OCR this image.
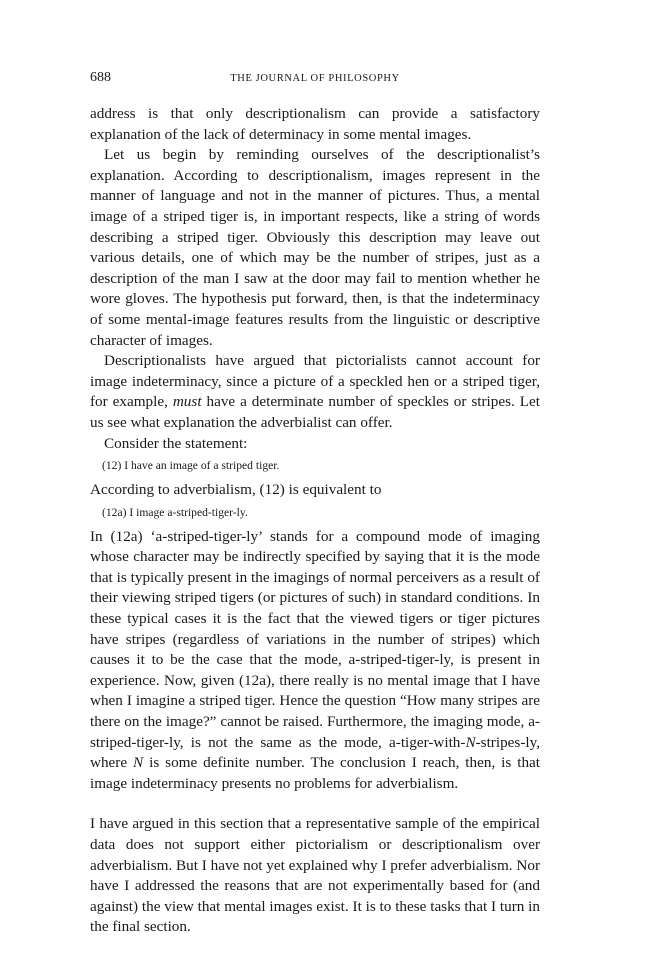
688	THE JOURNAL OF PHILOSOPHY

address is that only descriptionalism can provide a satisfactory explanation of the lack of determinacy in some mental images.

Let us begin by reminding ourselves of the descriptionalist’s explanation. According to descriptionalism, images represent in the manner of language and not in the manner of pictures. Thus, a mental image of a striped tiger is, in important respects, like a string of words describing a striped tiger. Obviously this description may leave out various details, one of which may be the number of stripes, just as a description of the man I saw at the door may fail to mention whether he wore gloves. The hypothesis put forward, then, is that the indeterminacy of some mental-image features results from the linguistic or descriptive character of images.

Descriptionalists have argued that pictorialists cannot account for image indeterminacy, since a picture of a speckled hen or a striped tiger, for example, must have a determinate number of speckles or stripes. Let us see what explanation the adverbialist can offer.

Consider the statement:

(12) I have an image of a striped tiger.

According to adverbialism, (12) is equivalent to

(12a) I image a-striped-tiger-ly.

In (12a) ‘a-striped-tiger-ly’ stands for a compound mode of imaging whose character may be indirectly specified by saying that it is the mode that is typically present in the imagings of normal perceivers as a result of their viewing striped tigers (or pictures of such) in standard conditions. In these typical cases it is the fact that the viewed tigers or tiger pictures have stripes (regardless of variations in the number of stripes) which causes it to be the case that the mode, a-striped-tiger-ly, is present in experience. Now, given (12a), there really is no mental image that I have when I imagine a striped tiger. Hence the question “How many stripes are there on the image?” cannot be raised. Furthermore, the imaging mode, a-striped-tiger-ly, is not the same as the mode, a-tiger-with-N-stripes-ly, where N is some definite number. The conclusion I reach, then, is that image indeterminacy presents no problems for adverbialism.

I have argued in this section that a representative sample of the empirical data does not support either pictorialism or descriptionalism over adverbialism. But I have not yet explained why I prefer adverbialism. Nor have I addressed the reasons that are not experimentally based for (and against) the view that mental images exist. It is to these tasks that I turn in the final section.
